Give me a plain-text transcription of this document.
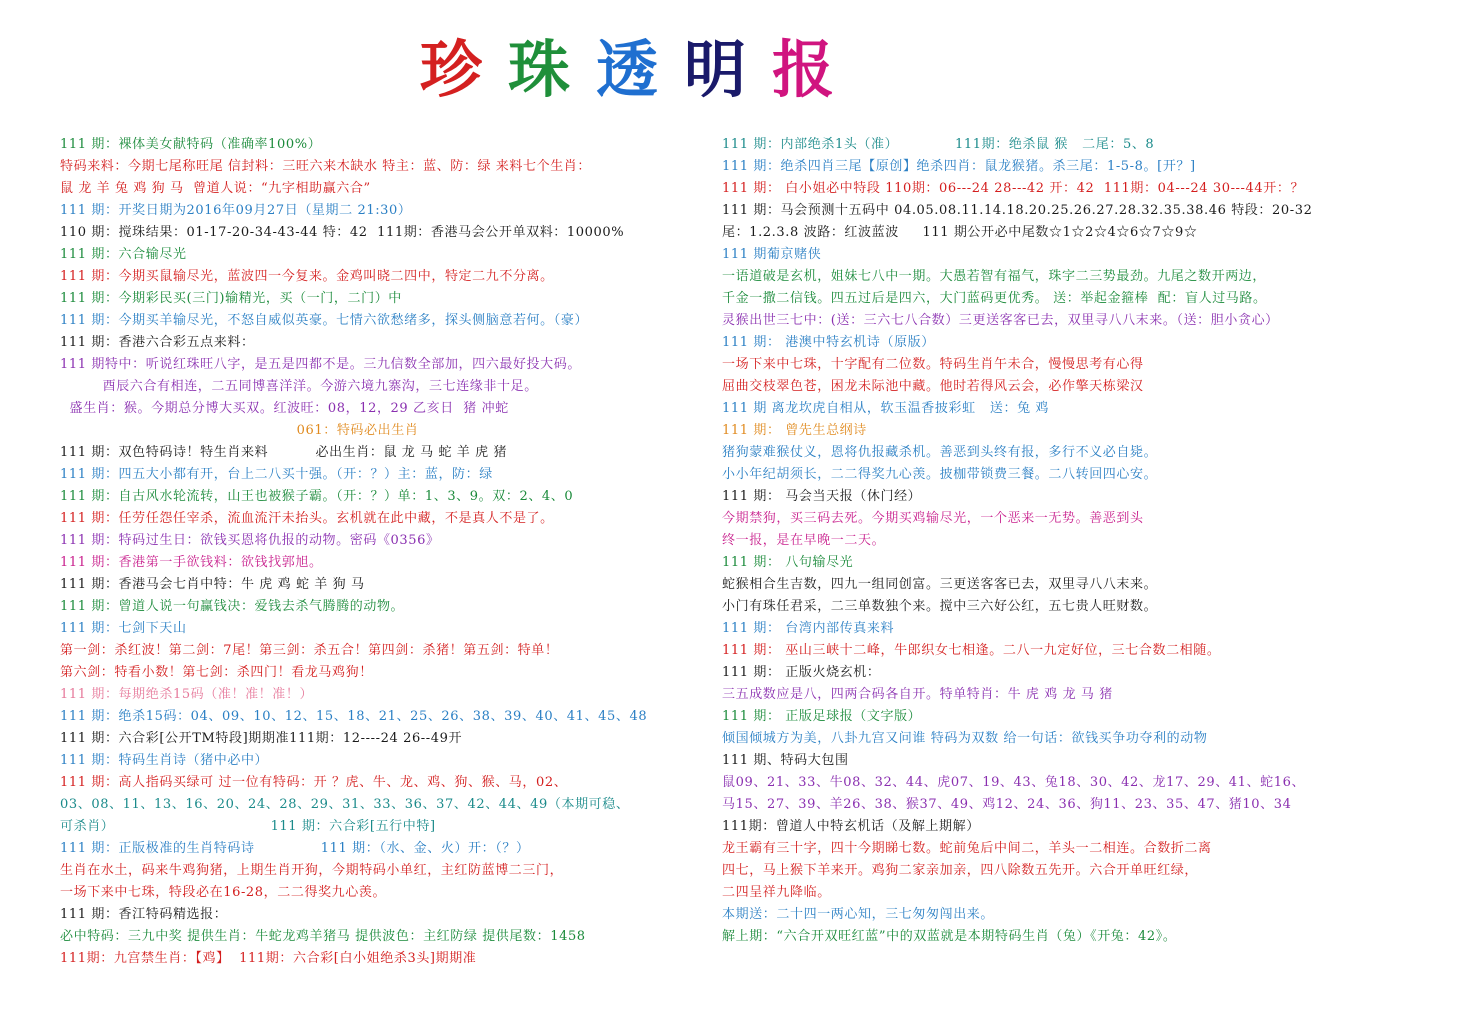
珍 珠 透 明 报
111 期：裸体美女献特码（准确率100%）
特码来料：今期七尾称旺尾 信封料：三旺六来木缺水 特主：蓝、防：绿 来料七个生肖：
鼠 龙 羊 兔 鸡 狗 马  曾道人说：“九字相助赢六合”
111 期：开奖日期为2016年09月27日（星期二 21:30）
110 期：搅珠结果：01-17-20-34-43-44 特：42  111期：香港马会公开单双料：10000%
111 期：六合输尽光
111 期：今期买鼠输尽光，蓝波四一今复来。金鸡叫晓二四中，特定二九不分离。
111 期：今期彩民买(三门)输精光，买（一门，二门）中
111 期：今期买羊输尽光，不怒自威似英豪。七情六欲愁绪多，探头侧脑意若何。（豪）
111 期：香港六合彩五点来料：
111 期特中：听说红珠旺八字，是五是四都不是。三九信数全部加，四六最好投大码。
酉辰六合有相连，二五同博喜洋洋。今游六境九寨沟，三七连缘非十足。
盛生肖：猴。今期总分博大买双。红波旺：08，12，29 乙亥日  猪 冲蛇
061：特码必出生肖
111 期：双色特码诗！特生肖来料          必出生肖：鼠 龙 马 蛇 羊 虎 猪
111 期：四五大小都有开，台上二八买十强。（开：？）主：蓝，防：绿
111 期：自古风水轮流转，山王也被猴子霸。（开：？）单：1、3、9。双：2、4、0
111 期：任劳任怨任宰杀，流血流汗未抬头。玄机就在此中藏，不是真人不是了。
111 期：特码过生日：欲钱买恩将仇报的动物。密码《0356》
111 期：香港第一手欲钱料：欲钱找郭旭。
111 期：香港马会七肖中特：牛 虎 鸡 蛇 羊 狗 马
111 期：曾道人说一句赢钱决：爱钱去杀气腾腾的动物。
111 期：七剑下天山
第一剑：杀红波！第二剑：7尾！第三剑：杀五合！第四剑：杀猪！第五剑：特单！
第六剑：特看小数！第七剑：杀四门！看龙马鸡狗！
111 期：每期绝杀15码（准！准！准！）
111 期：绝杀15码：04、09、10、12、15、18、21、25、26、38、39、40、41、45、48
111 期：六合彩[公开TM特段]期期准111期：12----24 26--49开
111 期：特码生肖诗（猪中必中）
111 期：高人指码买绿可 过一位有特码：开 ？虎、牛、龙、鸡、狗、猴、马，02、
03、08、11、13、16、20、24、28、29、31、33、36、37、42、44、49（本期可稳、
可杀肖）                                 111 期：六合彩[五行中特]
111 期：正版极准的生肖特码诗              111 期：（水、金、火）开：（？）
生肖在水土，码来牛鸡狗猪，上期生肖开狗，今期特码小单红，主红防蓝博二三门，
一场下来中七珠，特段必在16-28，二二得奖九心羡。
111 期：香江特码精选报：
必中特码：三九中奖 提供生肖：牛蛇龙鸡羊猪马 提供波色：主红防绿 提供尾数：1458
111期：九宫禁生肖：【鸡】  111期：六合彩[白小姐绝杀3头]期期准
111 期：内部绝杀1头（准）            111期：绝杀鼠 猴   二尾：5、8
111 期：绝杀四肖三尾【原创】绝杀四肖：鼠龙猴猪。杀三尾：1-5-8。[开？]
111 期： 白小姐必中特段 110期：06---24 28---42 开：42  111期：04---24 30---44开：？
111 期：马会预测十五码中 04.05.08.11.14.18.20.25.26.27.28.32.35.38.46 特段：20-32
尾：1.2.3.8 波路：红波蓝波     111 期公开必中尾数☆1☆2☆4☆6☆7☆9☆
111 期葡京赌侠
一语道破是玄机，姐妹七八中一期。大愚若智有福气，珠字二三势最劲。九尾之数开两边，
千金一撒二信钱。四五过后是四六，大门蓝码更优秀。 送：举起金箍棒  配：盲人过马路。
灵猴出世三七中：(送：三六七八合数）三更送客客已去，双里寻八八末来。（送：胆小贪心）
111 期： 港澳中特玄机诗（原版）
一场下来中七珠，十字配有二位数。特码生肖午未合，慢慢思考有心得
屈曲交枝翠色苍，困龙未际池中藏。他时若得风云会，必作擎天栋梁汉
111 期 离龙坎虎自相从，软玉温香披彩虹   送：兔 鸡
111 期： 曾先生总纲诗
猪狗蒙难猴仗义，恩将仇报藏杀机。善恶到头终有报，多行不义必自毙。
小小年纪胡须长，二二得奖九心羡。披枷带锁费三餐。二八转回四心安。
111 期： 马会当天报（休门经）
今期禁狗，买三码去死。今期买鸡输尽光，一个恶来一无势。善恶到头
终一报，是在早晚一二天。
111 期： 八句输尽光
蛇猴相合生吉数，四九一组同创富。三更送客客已去，双里寻八八末来。
小门有珠任君采，二三单数独个来。搅中三六好公红，五七贵人旺财数。
111 期： 台湾内部传真来料
111 期： 巫山三峡十二峰，牛郎织女七相逢。二八一九定好位，三七合数二相随。
111 期： 正版火烧玄机：
三五成数应是八，四两合码各自开。特单特肖：牛 虎 鸡 龙 马 猪
111 期： 正版足球报（文字版）
倾国倾城方为美，八卦九宫又问谁 特码为双数 给一句话：欲钱买争功夺利的动物
111 期、特码大包围
鼠09、21、33、牛08、32、44、虎07、19、43、兔18、30、42、龙17、29、41、蛇16、
马15、27、39、羊26、38、猴37、49、鸡12、24、36、狗11、23、35、47、猪10、34
111期：曾道人中特玄机话（及解上期解）
龙王霸有三十字，四十今期睇七数。蛇前兔后中间二，羊头一二相连。合数折二离
四七，马上猴下羊来开。鸡狗二家亲加亲，四八除数五先开。六合开单旺红绿，
二四呈祥九降临。
本期送：二十四一两心知，三七匆匆闯出来。
解上期：“六合开双旺红蓝”中的双蓝就是本期特码生肖（兔）《开兔：42》。
